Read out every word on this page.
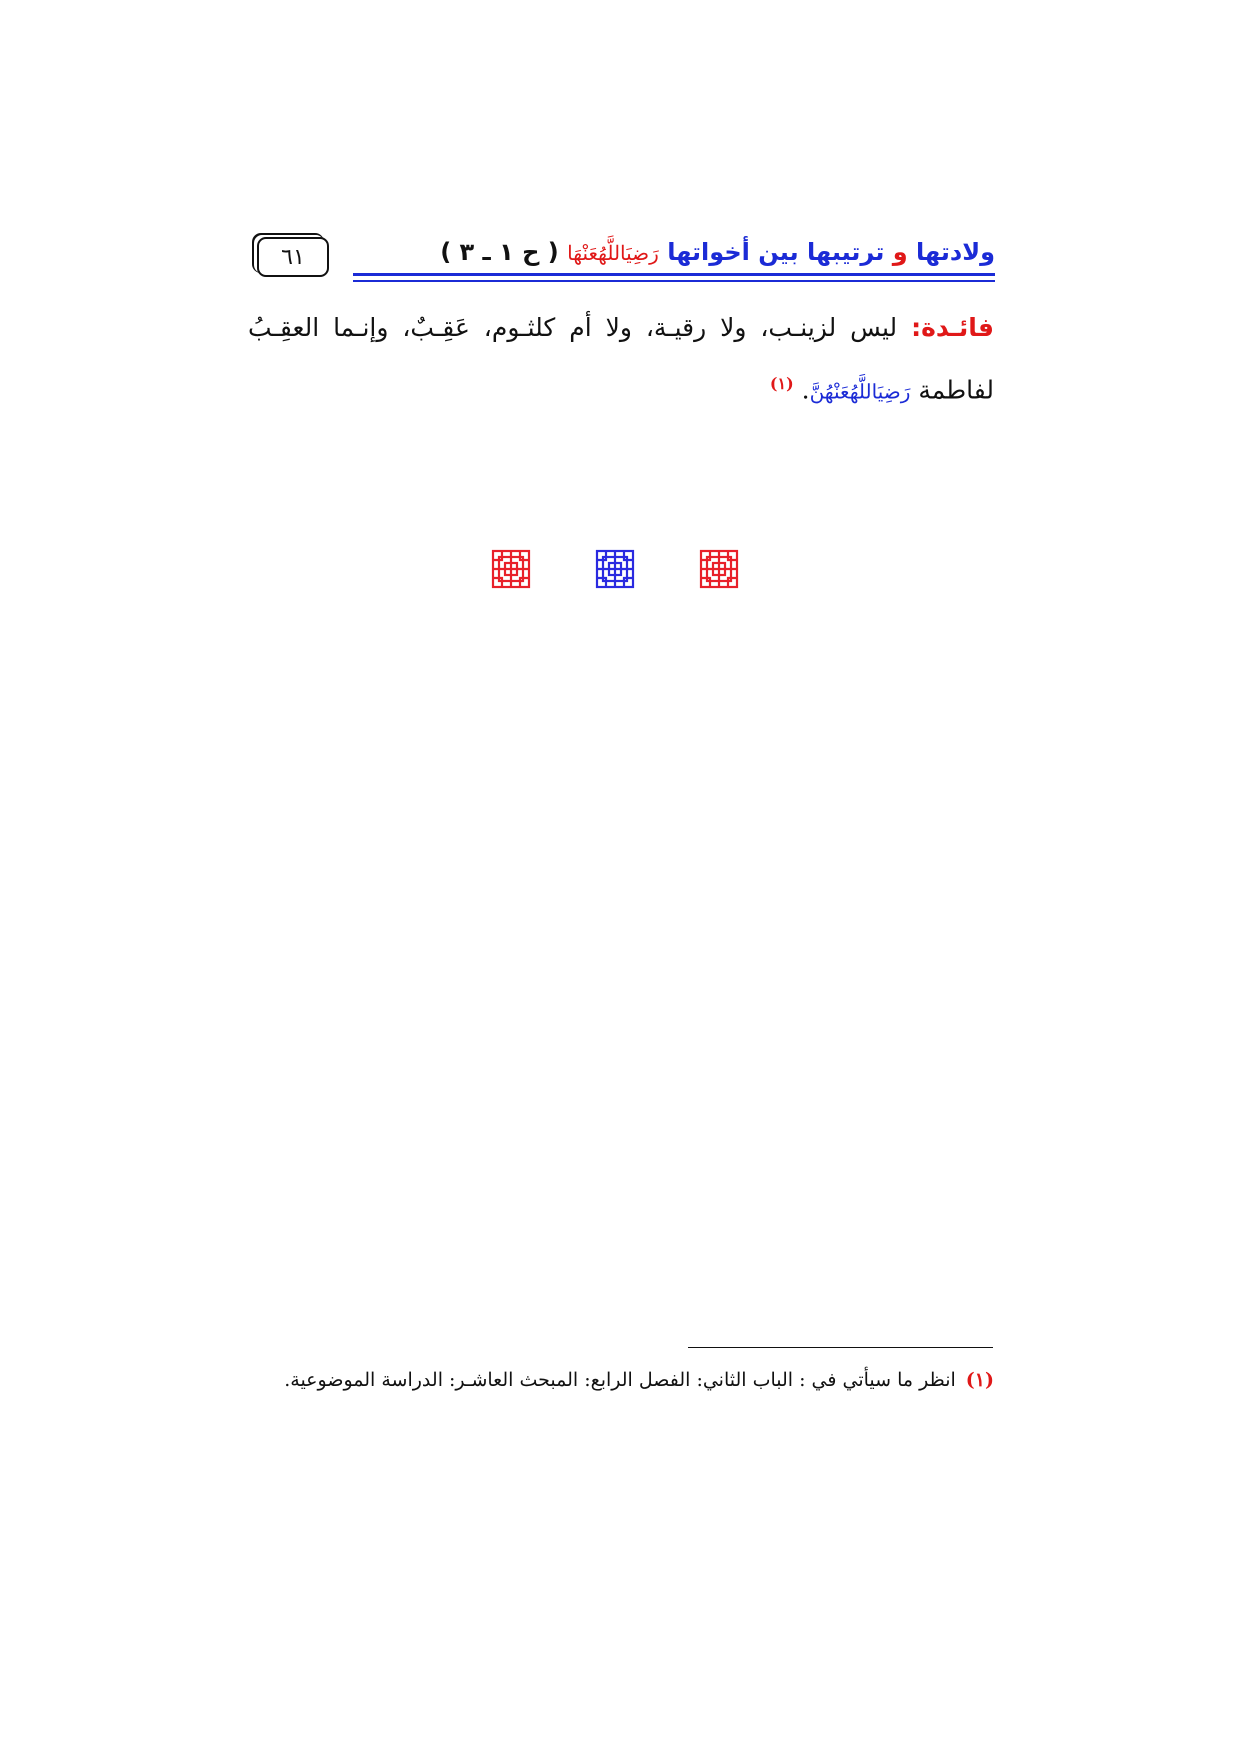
٦١	ولادتها و ترتيبها بين أخواتها رَضِيَاللَّهُعَنْهَا ( ح ١ ـ ٣ )
فائـدة: ليس لزينـب، ولا رقيـة، ولا أم كلثـوم، عَقِـبٌ، وإنـما العقِـبُ لفاطمة رَضِيَاللَّهُعَنْهُنَّ. $^{(١)}$
(١)انظر ما سيأتي في : الباب الثاني: الفصل الرابع: المبحث العاشـر: الدراسة الموضوعية.
